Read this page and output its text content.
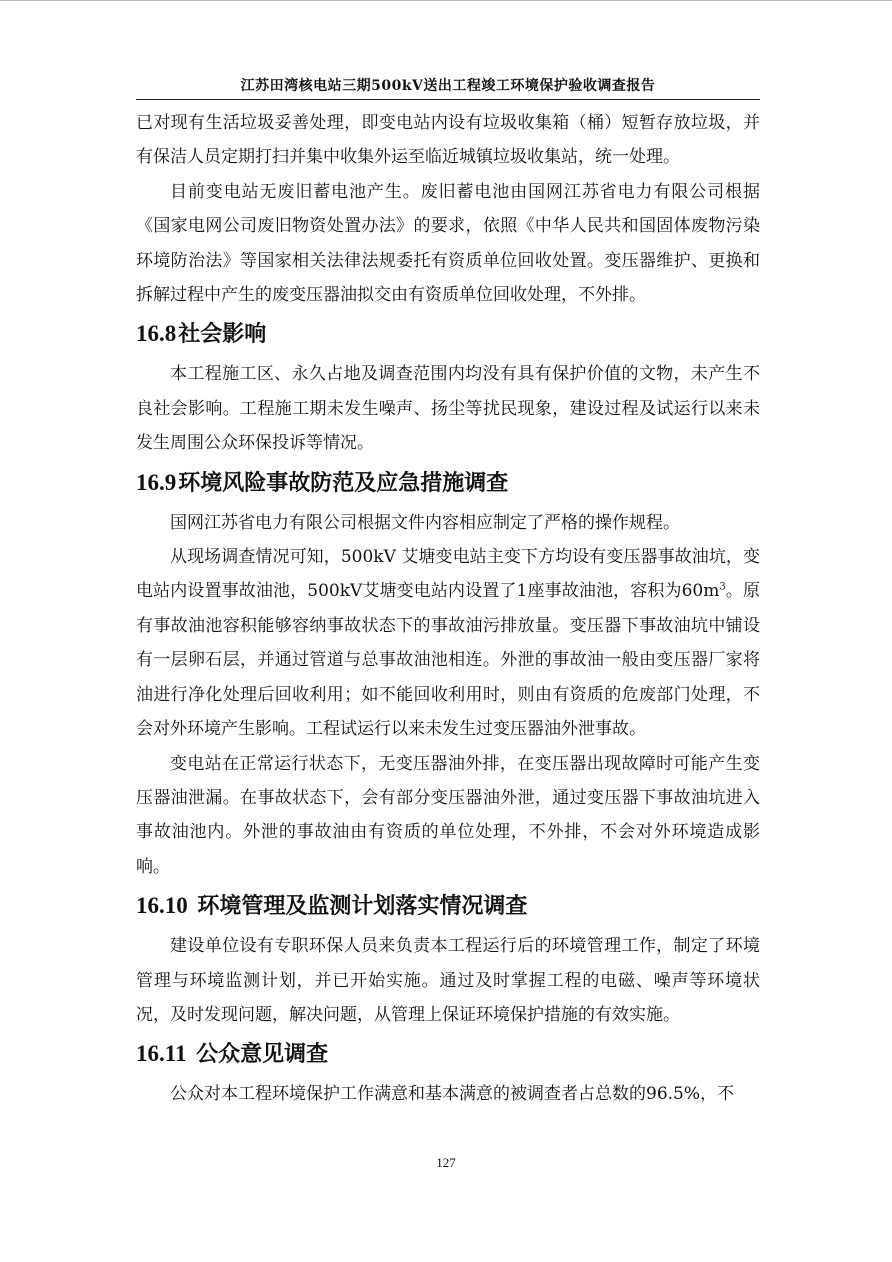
江苏田湾核电站三期500kV送出工程竣工环境保护验收调查报告

已对现有生活垃圾妥善处理，即变电站内设有垃圾收集箱（桶）短暂存放垃圾，并有保洁人员定期打扫并集中收集外运至临近城镇垃圾收集站，统一处理。

目前变电站无废旧蓄电池产生。废旧蓄电池由国网江苏省电力有限公司根据《国家电网公司废旧物资处置办法》的要求，依照《中华人民共和国固体废物污染环境防治法》等国家相关法律法规委托有资质单位回收处置。变压器维护、更换和拆解过程中产生的废变压器油拟交由有资质单位回收处理，不外排。

16.8社会影响

本工程施工区、永久占地及调查范围内均没有具有保护价值的文物，未产生不良社会影响。工程施工期未发生噪声、扬尘等扰民现象，建设过程及试运行以来未发生周围公众环保投诉等情况。

16.9环境风险事故防范及应急措施调查

国网江苏省电力有限公司根据文件内容相应制定了严格的操作规程。

从现场调查情况可知，500kV 艾塘变电站主变下方均设有变压器事故油坑，变电站内设置事故油池，500kV艾塘变电站内设置了1座事故油池，容积为$60m^3$。原有事故油池容积能够容纳事故状态下的事故油污排放量。变压器下事故油坑中铺设有一层卵石层，并通过管道与总事故油池相连。外泄的事故油一般由变压器厂家将油进行净化处理后回收利用；如不能回收利用时，则由有资质的危废部门处理，不会对外环境产生影响。工程试运行以来未发生过变压器油外泄事故。

变电站在正常运行状态下，无变压器油外排，在变压器出现故障时可能产生变压器油泄漏。在事故状态下，会有部分变压器油外泄，通过变压器下事故油坑进入事故油池内。外泄的事故油由有资质的单位处理，不外排，不会对外环境造成影响。

16.10 环境管理及监测计划落实情况调查

建设单位设有专职环保人员来负责本工程运行后的环境管理工作，制定了环境管理与环境监测计划，并已开始实施。通过及时掌握工程的电磁、噪声等环境状况，及时发现问题，解决问题，从管理上保证环境保护措施的有效实施。

16.11 公众意见调查

公众对本工程环境保护工作满意和基本满意的被调查者占总数的96.5%，不

127
